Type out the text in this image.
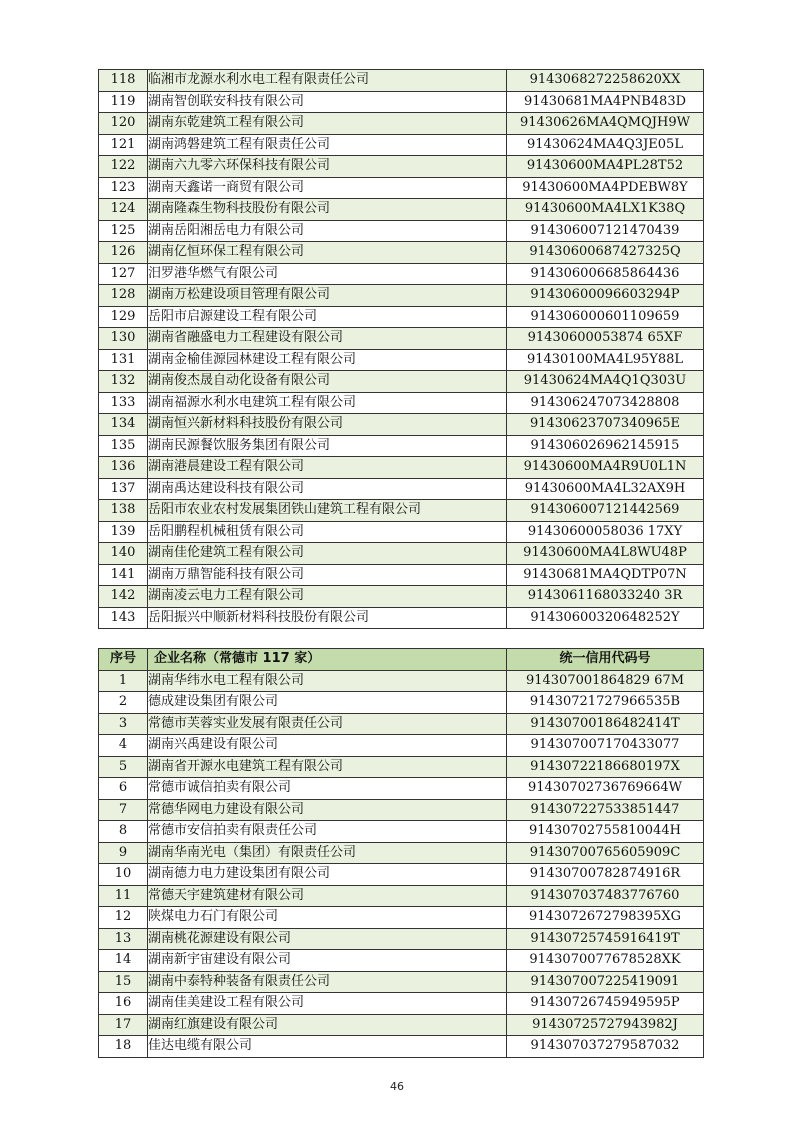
118	临湘市龙源水利水电工程有限责任公司	9143068272258620XX
119	湖南智创联安科技有限公司	91430681MA4PNB483D
120	湖南东乾建筑工程有限公司	91430626MA4QMQJH9W
121	湖南鸿磐建筑工程有限责任公司	91430624MA4Q3JE05L
122	湖南六九零六环保科技有限公司	91430600MA4PL28T52
123	湖南天鑫诺一商贸有限公司	91430600MA4PDEBW8Y
124	湖南隆森生物科技股份有限公司	91430600MA4LX1K38Q
125	湖南岳阳湘岳电力有限公司	914306007121470439
126	湖南亿恒环保工程有限公司	91430600687427325Q
127	汨罗港华燃气有限公司	914306006685864436
128	湖南万松建设项目管理有限公司	91430600096603294P
129	岳阳市启源建设工程有限公司	914306000601109659
130	湖南省融盛电力工程建设有限公司	91430600053874 65XF
131	湖南金榆佳源园林建设工程有限公司	91430100MA4L95Y88L
132	湖南俊杰晟自动化设备有限公司	91430624MA4Q1Q303U
133	湖南福源水利水电建筑工程有限公司	914306247073428808
134	湖南恒兴新材料科技股份有限公司	91430623707340965E
135	湖南民源餐饮服务集团有限公司	914306026962145915
136	湖南港晨建设工程有限公司	91430600MA4R9U0L1N
137	湖南禹达建设科技有限公司	91430600MA4L32AX9H
138	岳阳市农业农村发展集团铁山建筑工程有限公司	914306007121442569
139	岳阳鹏程机械租赁有限公司	91430600058036 17XY
140	湖南佳伦建筑工程有限公司	91430600MA4L8WU48P
141	湖南万鼎智能科技有限公司	91430681MA4QDTP07N
142	湖南凌云电力工程有限公司	9143061168033240 3R
143	岳阳振兴中顺新材料科技股份有限公司	91430600320648252Y
序号	企业名称（常德市 117 家）	统一信用代码号
1	湖南华纬水电工程有限公司	914307001864829 67M
2	德成建设集团有限公司	91430721727966535B
3	常德市芙蓉实业发展有限责任公司	91430700186482414T
4	湖南兴禹建设有限公司	914307007170433077
5	湖南省开源水电建筑工程有限公司	91430722186680197X
6	常德市诚信拍卖有限公司	91430702736769664W
7	常德华网电力建设有限公司	914307227533851447
8	常德市安信拍卖有限责任公司	91430702755810044H
9	湖南华南光电（集团）有限责任公司	91430700765605909C
10	湖南德力电力建设集团有限公司	91430700782874916R
11	常德天宇建筑建材有限公司	914307037483776760
12	陕煤电力石门有限公司	9143072672798395XG
13	湖南桃花源建设有限公司	91430725745916419T
14	湖南新宇宙建设有限公司	9143070077678528XK
15	湖南中泰特种装备有限责任公司	914307007225419091
16	湖南佳美建设工程有限公司	91430726745949595P
17	湖南红旗建设有限公司	91430725727943982J
18	佳达电缆有限公司	914307037279587032
46
